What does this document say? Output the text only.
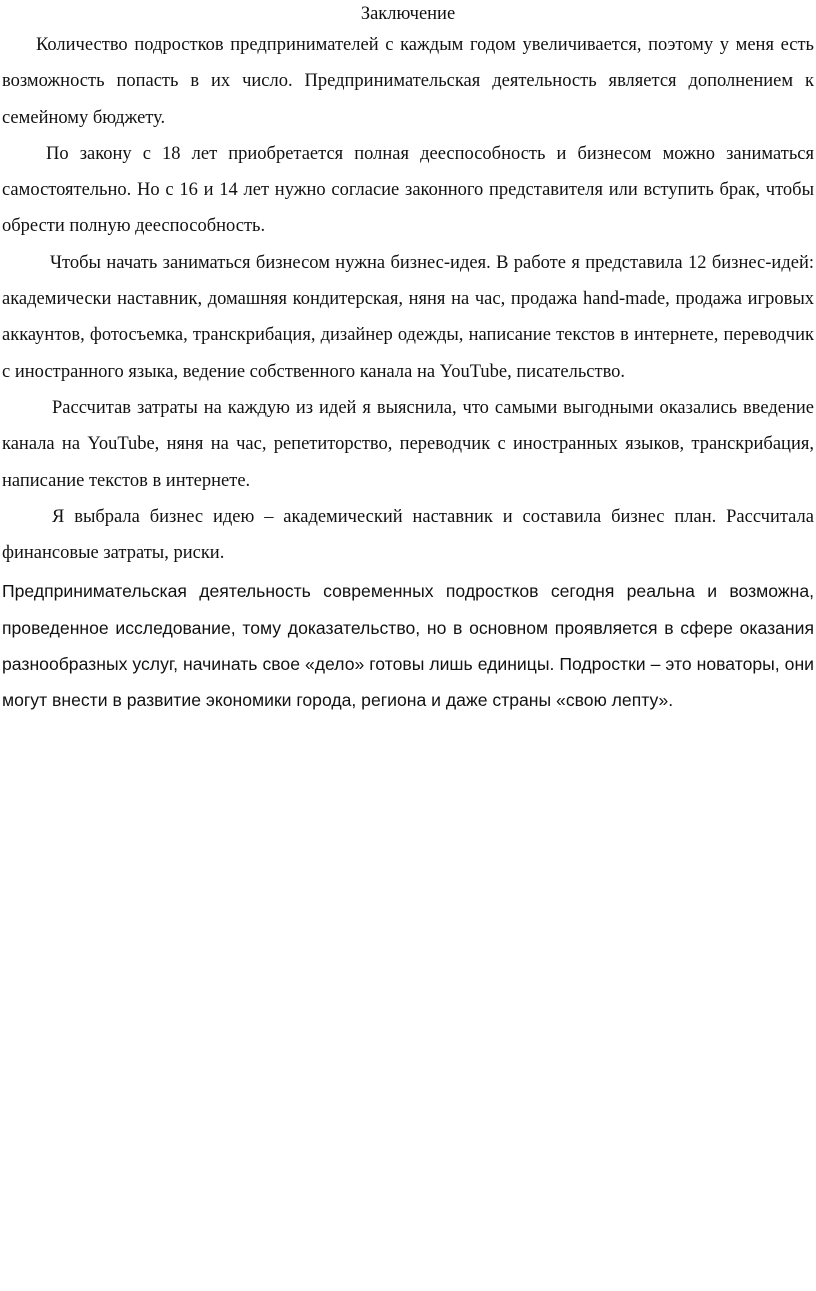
Заключение

Количество подростков предпринимателей с каждым годом увеличивается, поэтому у меня есть возможность попасть в их число. Предпринимательская деятельность является дополнением к семейному бюджету.

По закону с 18 лет приобретается полная дееспособность и бизнесом можно заниматься самостоятельно. Но с 16 и 14 лет нужно согласие законного представителя или вступить брак, чтобы обрести полную дееспособность.

Чтобы начать заниматься бизнесом нужна бизнес-идея. В работе я представила 12 бизнес-идей: академически наставник, домашняя кондитерская, няня на час, продажа hand-made, продажа игровых аккаунтов, фотосъемка, транскрибация, дизайнер одежды, написание текстов в интернете, переводчик с иностранного языка, ведение собственного канала на YouTube, писательство.

Рассчитав затраты на каждую из идей я выяснила, что самыми выгодными оказались введение канала на YouTube, няня на час, репетиторство, переводчик с иностранных языков, транскрибация, написание текстов в интернете.

Я выбрала бизнес идею – академический наставник и составила бизнес план. Рассчитала финансовые затраты, риски.

Предпринимательская деятельность современных подростков сегодня реальна и возможна, проведенное исследование, тому доказательство, но в основном проявляется в сфере оказания разнообразных услуг, начинать свое «дело» готовы лишь единицы. Подростки – это новаторы, они могут внести в развитие экономики города, региона и даже страны «свою лепту».
